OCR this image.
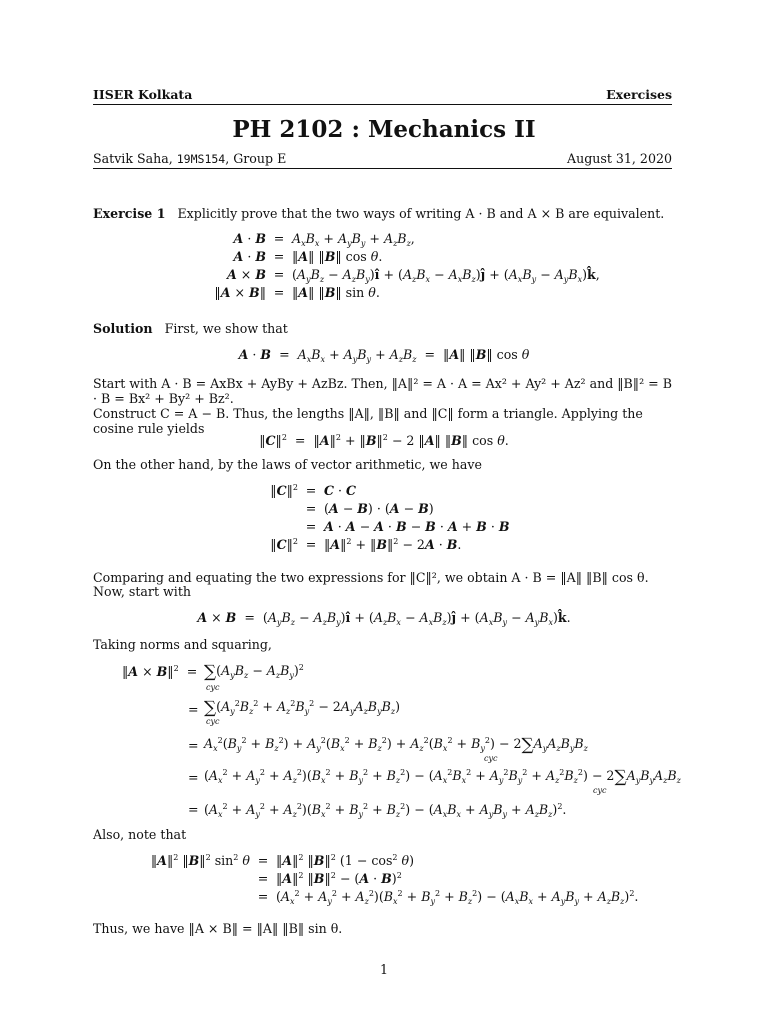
IISER Kolkata	Exercises
PH 2102 : Mechanics II
Satvik Saha, 19MS154, Group E	August 31, 2020
Exercise 1 Explicitly prove that the two ways of writing A · B and A × B are equivalent.
A · B	=	$A_xB_x + A_yB_y + A_zB_z$,
A · B	=	‖A‖ ‖B‖ cos θ.
A × B	=	($A_yB_z$ − $A_zB_y)î + (A_zB_x$ − $A_xB_z)ĵ + (A_xB_y$ − $A_yB_x)k̂$,
‖A × B‖	=	‖A‖ ‖B‖ sin θ.
Solution First, we show that
$A \cdot B = A_xB_x + A_yB_y + A_zB_z$  =  ‖A‖ ‖B‖ cos θ
Start with A · B = AxBx + AyBy + AzBz. Then, ‖A‖² = A · A = Ax² + Ay² + Az² and ‖B‖² = B · B = Bx² + By² + Bz².
Construct C = A − B. Thus, the lengths ‖A‖, ‖B‖ and ‖C‖ form a triangle. Applying the cosine rule yields
‖C‖$^2$  =  ‖A‖$^2$ + ‖B‖$^2$ − 2 ‖A‖ ‖B‖ cos θ.
On the other hand, by the laws of vector arithmetic, we have
‖C‖$^2$	=	C · C
	=	(A − B) · (A − B)
	=	A · A − A · B − B · A + B · B
‖C‖$^2$	=	‖A‖$^2$ + ‖B‖$^2$ − 2A · B.
Comparing and equating the two expressions for ‖C‖², we obtain A · B = ‖A‖ ‖B‖ cos θ.
Now, start with
$A \times B = (A_yB_z$ − $A_zB_y)î + (A_zB_x$ − $A_xB_z)ĵ + (A_xB_y$ − $A_yB_x)k̂$.
Taking norms and squaring,
‖A × B‖$^2$  = $\sum(A_yB_z - A_zB_y)^2$
cyc
= $\sum(A_y^2B_z^2 + A_z^2B_y^2 - 2A_yA_zB_yB_z)$
cyc
= $A_x^2(B_y^2 + B_z^2) + A_y^2(B_x^2 + B_z^2) + A_z^2(B_x^2 + B_y^2) - 2\sum A_yA_zB_yB_z$
cyc
= $(A_x^2 + A_y^2 + A_z^2)(B_x^2 + B_y^2 + B_z^2) - (A_x^2B_x^2 + A_y^2B_y^2 + A_z^2B_z^2) - 2\sum A_yB_yA_zB_z$
cyc
= $(A_x^2 + A_y^2 + A_z^2)(B_x^2 + B_y^2 + B_z^2) - (A_xB_x + A_yB_y + A_zB_z)^2$.
Also, note that
‖A‖$^2$ ‖B‖$^2$ $\sin^2 \theta$	=	‖A‖$^2$ ‖B‖$^2$ $(1 - \cos^2 \theta)$
	=	‖A‖$^2$ ‖B‖$^2$ − $(A \cdot B)^2$
	=	$(A_x^2 + A_y^2 + A_z^2)(B_x^2 + B_y^2 + B_z^2) - (A_xB_x + A_yB_y + A_zB_z)^2$.
Thus, we have ‖A × B‖ = ‖A‖ ‖B‖ sin θ.
1
